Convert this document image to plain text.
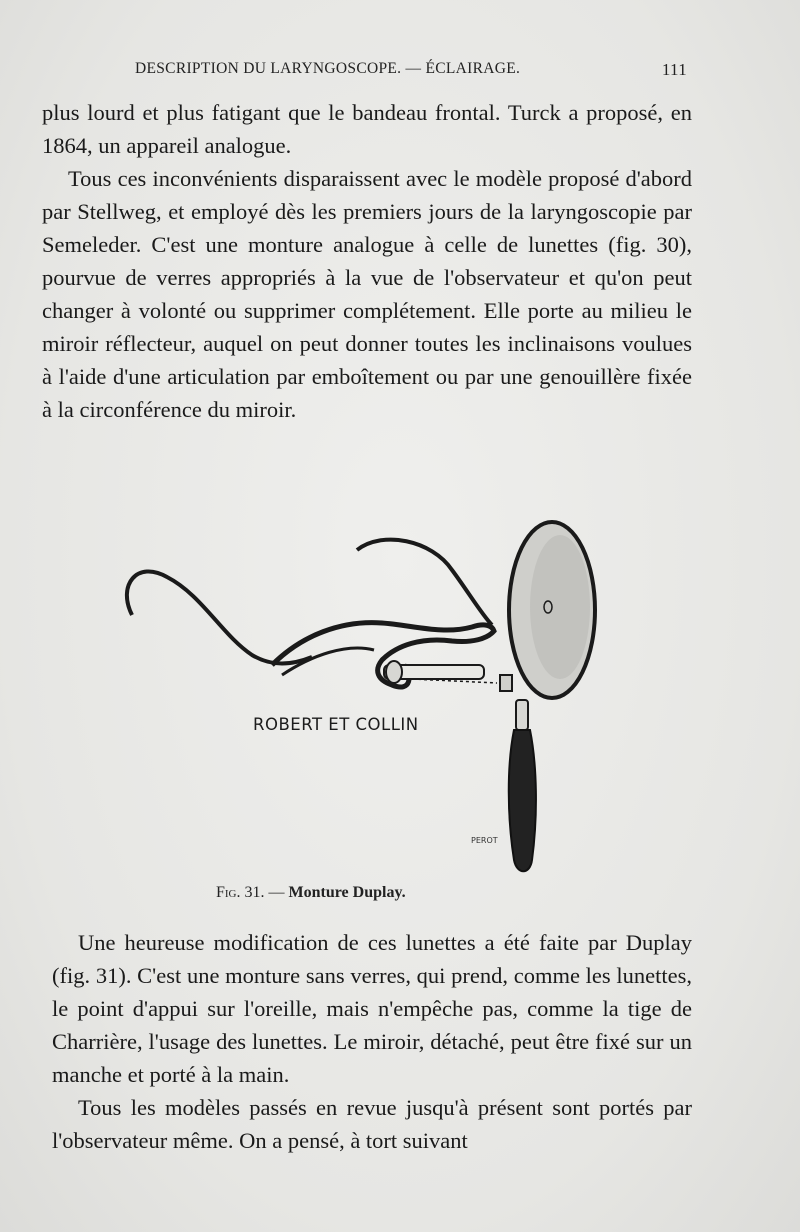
DESCRIPTION DU LARYNGOSCOPE. — ÉCLAIRAGE.	111

plus lourd et plus fatigant que le bandeau frontal. Turck a proposé, en 1864, un appareil analogue.

Tous ces inconvénients disparaissent avec le modèle proposé d'abord par Stellweg, et employé dès les premiers jours de la laryngoscopie par Semeleder. C'est une monture analogue à celle de lunettes (fig. 30), pourvue de verres appropriés à la vue de l'observateur et qu'on peut changer à volonté ou supprimer complétement. Elle porte au milieu le miroir réflecteur, auquel on peut donner toutes les inclinaisons voulues à l'aide d'une articulation par emboîtement ou par une genouillère fixée à la circonférence du miroir.

ROBERT ET COLLIN
PEROT
Fig. 31. — Monture Duplay.

Une heureuse modification de ces lunettes a été faite par Duplay (fig. 31). C'est une monture sans verres, qui prend, comme les lunettes, le point d'appui sur l'oreille, mais n'empêche pas, comme la tige de Charrière, l'usage des lunettes. Le miroir, détaché, peut être fixé sur un manche et porté à la main.

Tous les modèles passés en revue jusqu'à présent sont portés par l'observateur même. On a pensé, à tort suivant
